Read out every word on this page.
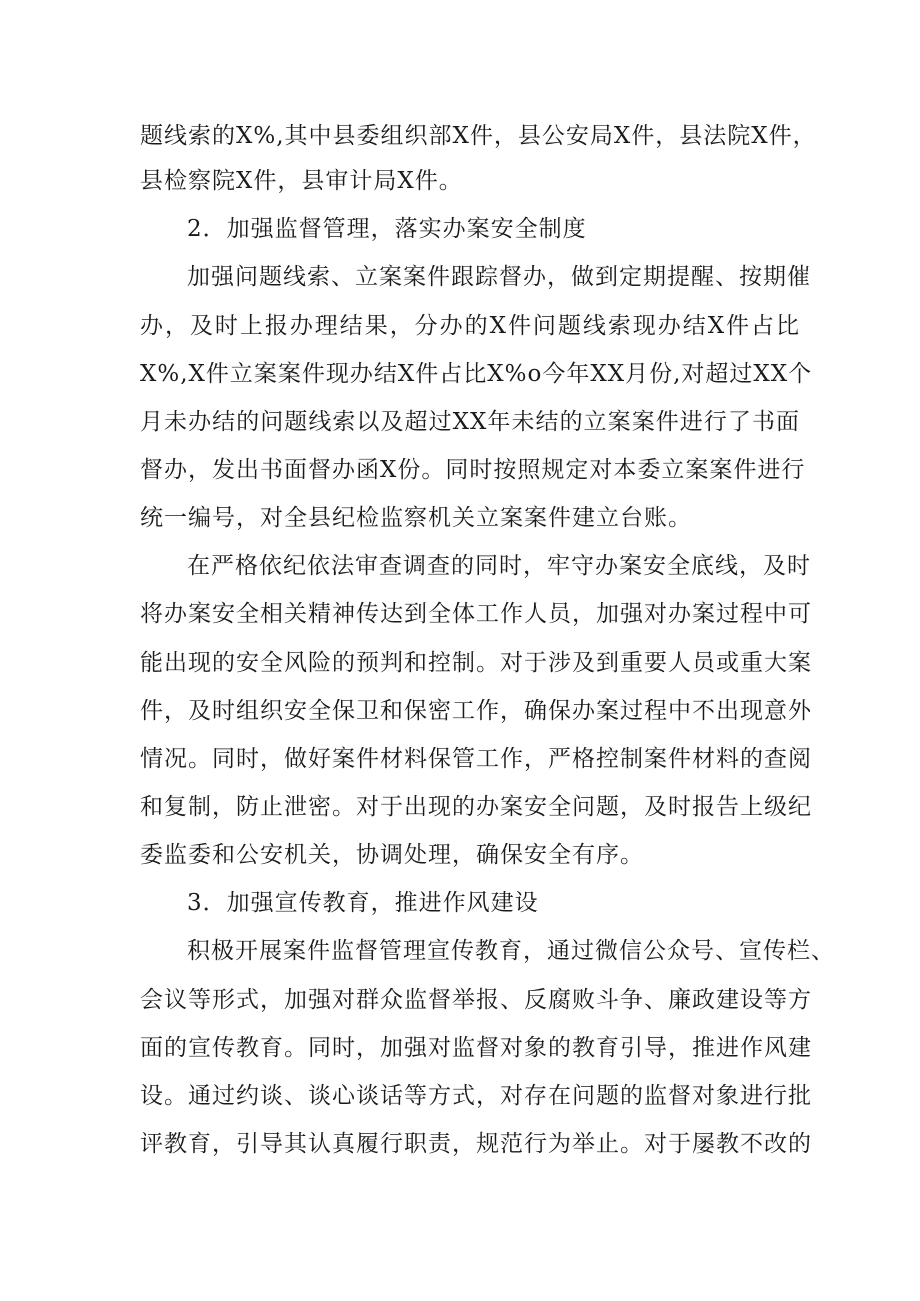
题线索的X%,其中县委组织部X件，县公安局X件，县法院X件，
县检察院X件，县审计局X件。
2．加强监督管理，落实办案安全制度
加强问题线索、立案案件跟踪督办，做到定期提醒、按期催
办，及时上报办理结果，分办的X件问题线索现办结X件占比
X%,X件立案案件现办结X件占比X%o今年XX月份,对超过XX个
月未办结的问题线索以及超过XX年未结的立案案件进行了书面
督办，发出书面督办函X份。同时按照规定对本委立案案件进行
统一编号，对全县纪检监察机关立案案件建立台账。
在严格依纪依法审查调查的同时，牢守办案安全底线，及时
将办案安全相关精神传达到全体工作人员，加强对办案过程中可
能出现的安全风险的预判和控制。对于涉及到重要人员或重大案
件，及时组织安全保卫和保密工作，确保办案过程中不出现意外
情况。同时，做好案件材料保管工作，严格控制案件材料的查阅
和复制，防止泄密。对于出现的办案安全问题，及时报告上级纪
委监委和公安机关，协调处理，确保安全有序。
3．加强宣传教育，推进作风建设
积极开展案件监督管理宣传教育，通过微信公众号、宣传栏、
会议等形式，加强对群众监督举报、反腐败斗争、廉政建设等方
面的宣传教育。同时，加强对监督对象的教育引导，推进作风建
设。通过约谈、谈心谈话等方式，对存在问题的监督对象进行批
评教育，引导其认真履行职责，规范行为举止。对于屡教不改的
